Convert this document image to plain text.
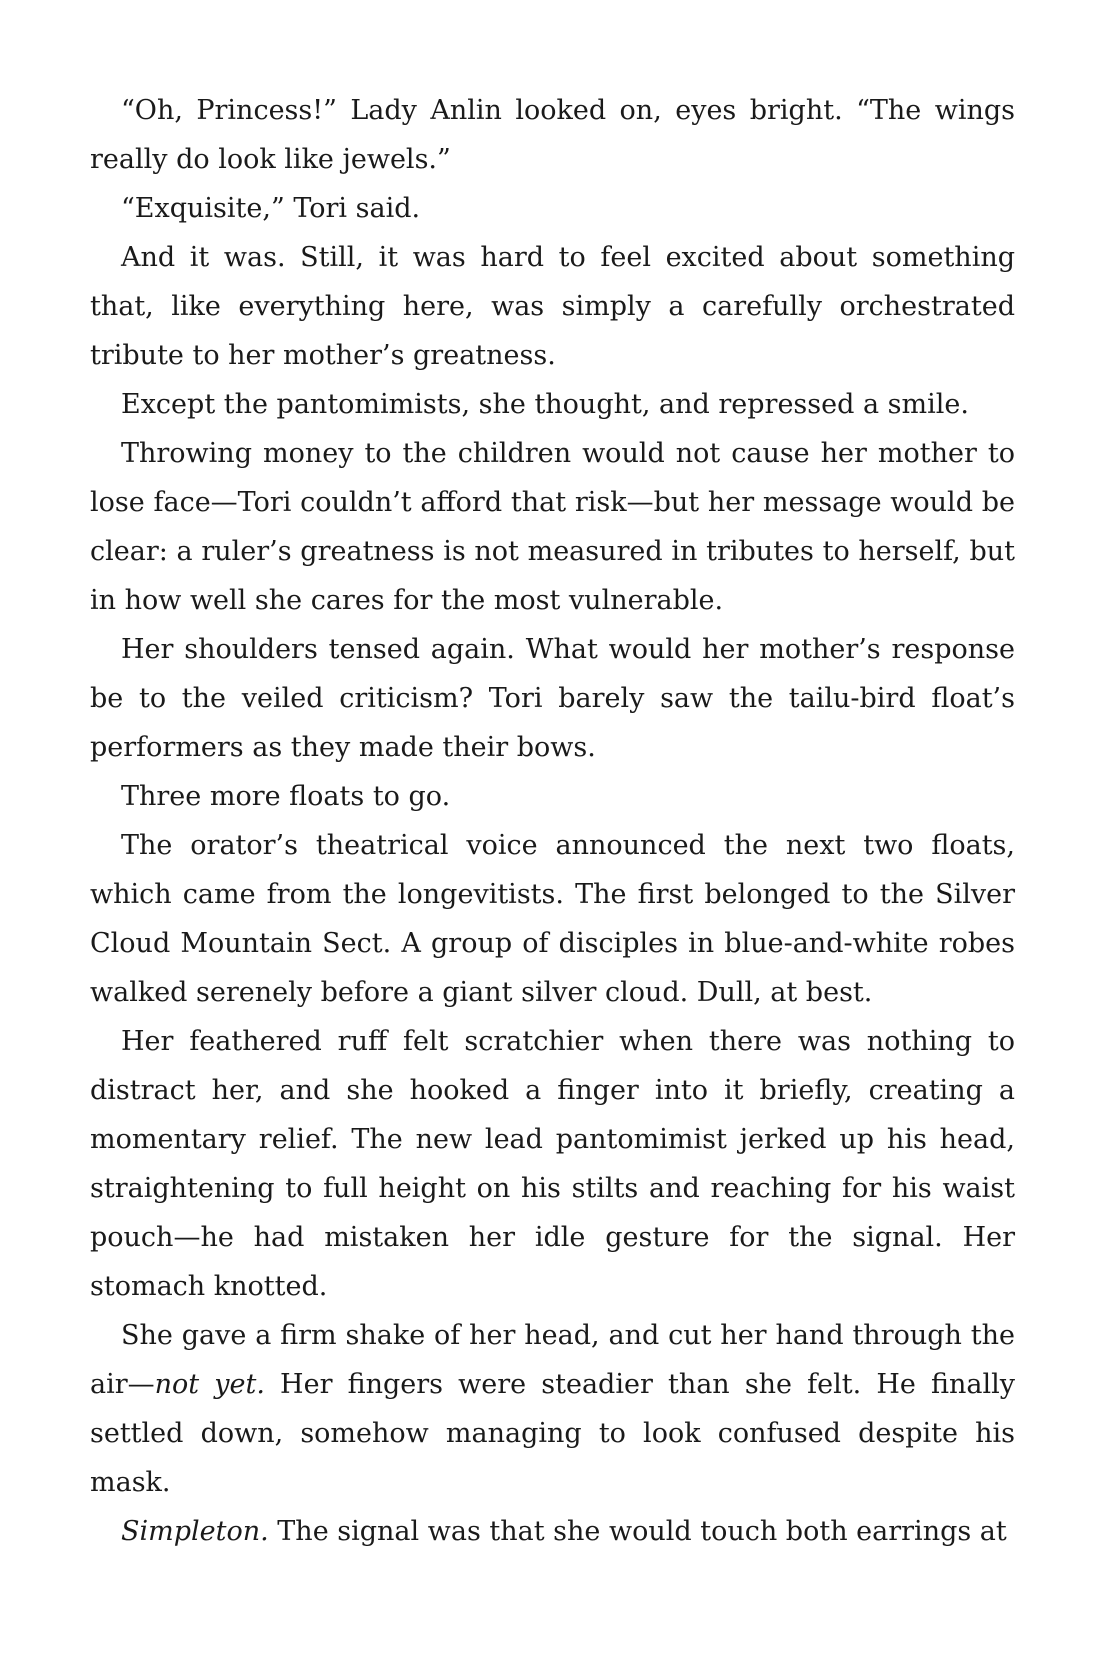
“Oh, Princess!” Lady Anlin looked on, eyes bright. “The wings really do look like jewels.”

“Exquisite,” Tori said.

And it was. Still, it was hard to feel excited about something that, like everything here, was simply a carefully orchestrated tribute to her mother’s greatness.

Except the pantomimists, she thought, and repressed a smile.

Throwing money to the children would not cause her mother to lose face—Tori couldn’t afford that risk—but her message would be clear: a ruler’s greatness is not measured in tributes to herself, but in how well she cares for the most vulnerable.

Her shoulders tensed again. What would her mother’s response be to the veiled criticism? Tori barely saw the tailu-bird float’s performers as they made their bows.

Three more floats to go.

The orator’s theatrical voice announced the next two floats, which came from the longevitists. The first belonged to the Silver Cloud Mountain Sect. A group of disciples in blue-and-white robes walked serenely before a giant silver cloud. Dull, at best.

Her feathered ruff felt scratchier when there was nothing to distract her, and she hooked a finger into it briefly, creating a momentary relief. The new lead pantomimist jerked up his head, straightening to full height on his stilts and reaching for his waist pouch—he had mistaken her idle gesture for the signal. Her stomach knotted.

She gave a firm shake of her head, and cut her hand through the air—not yet. Her fingers were steadier than she felt. He finally settled down, somehow managing to look confused despite his mask.

Simpleton. The signal was that she would touch both earrings at
